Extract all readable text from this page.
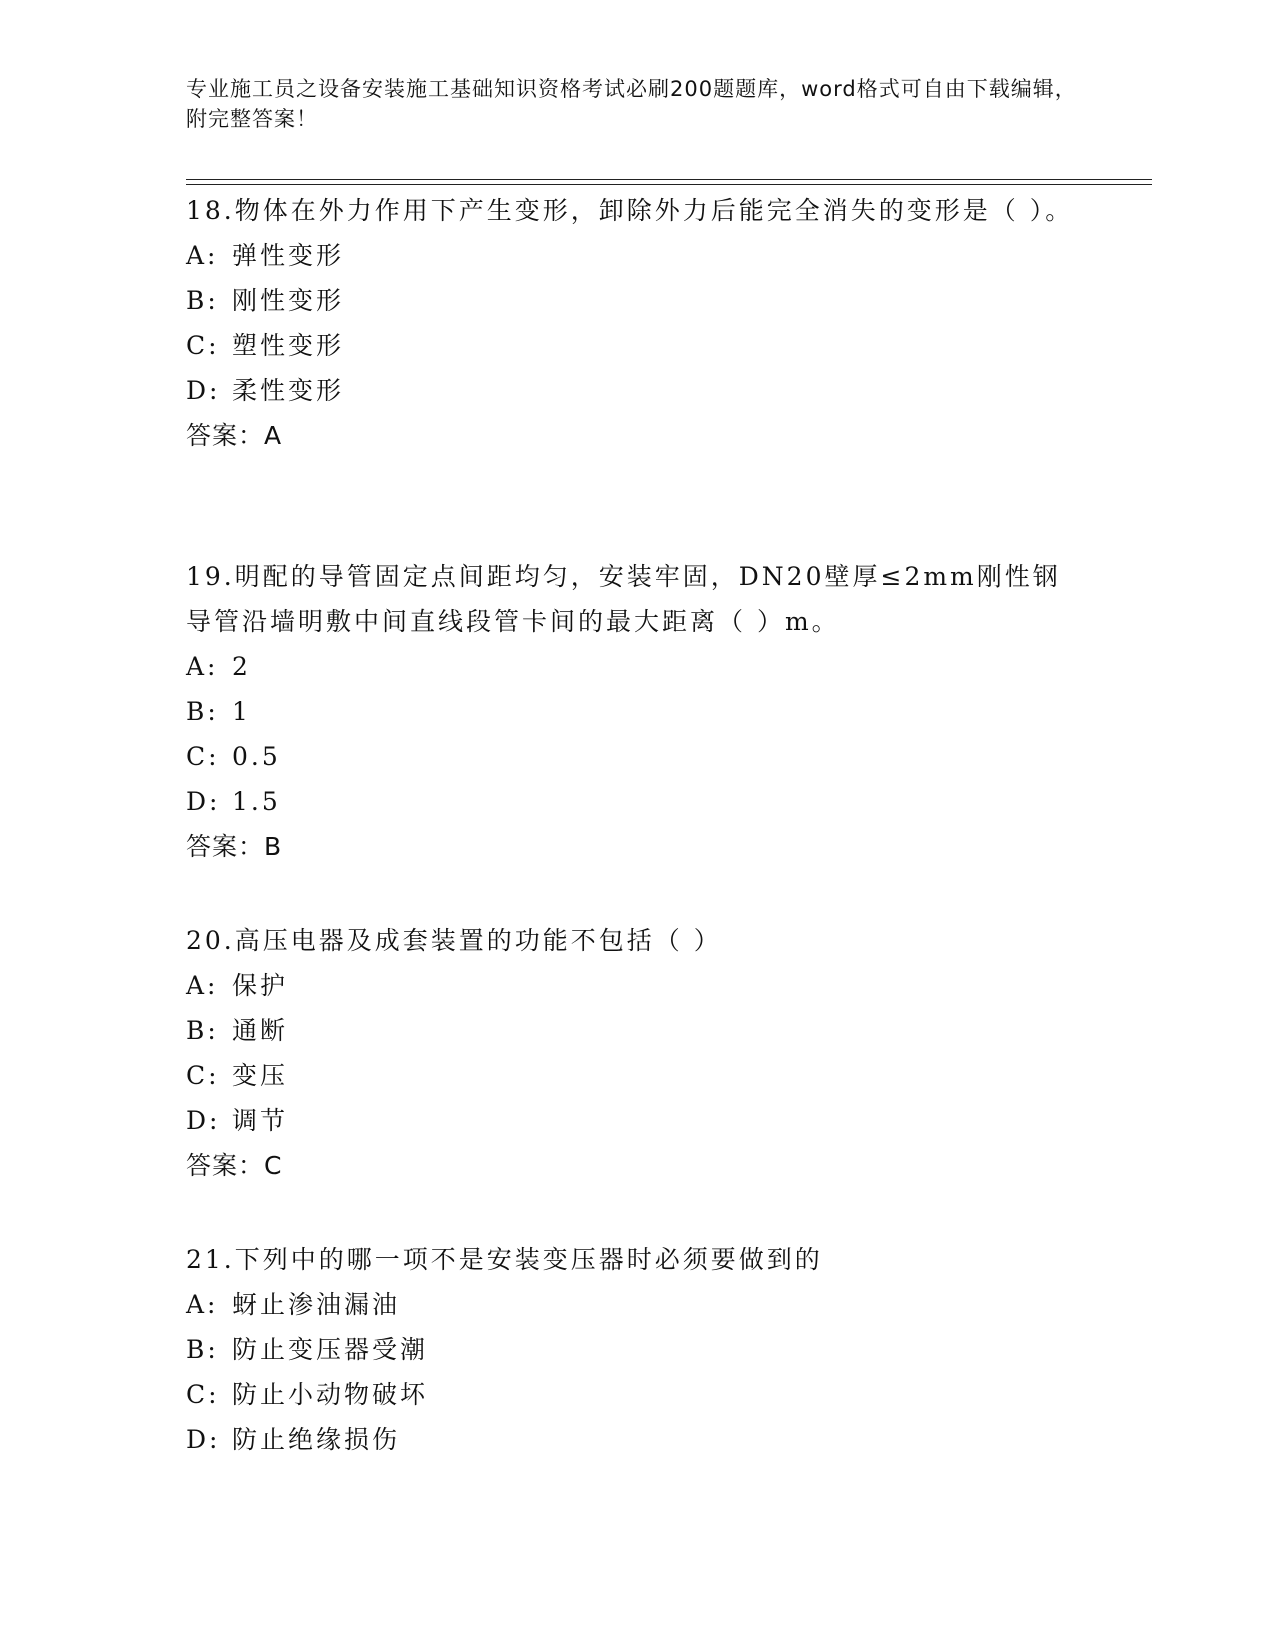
专业施工员之设备安装施工基础知识资格考试必刷200题题库，word格式可自由下载编辑，附完整答案！
18.物体在外力作用下产生变形，卸除外力后能完全消失的变形是（ ）。
A: 弹性变形
B: 刚性变形
C: 塑性变形
D: 柔性变形
答案：A
19.明配的导管固定点间距均匀，安装牢固，DN20壁厚≤2mm刚性钢导管沿墙明敷中间直线段管卡间的最大距离（ ）m。
A: 2
B: 1
C: 0.5
D: 1.5
答案：B
20.高压电器及成套装置的功能不包括（ ）
A: 保护
B: 通断
C: 变压
D: 调节
答案：C
21.下列中的哪一项不是安装变压器时必须要做到的
A: 蚜止渗油漏油
B: 防止变压器受潮
C: 防止小动物破坏
D: 防止绝缘损伤
